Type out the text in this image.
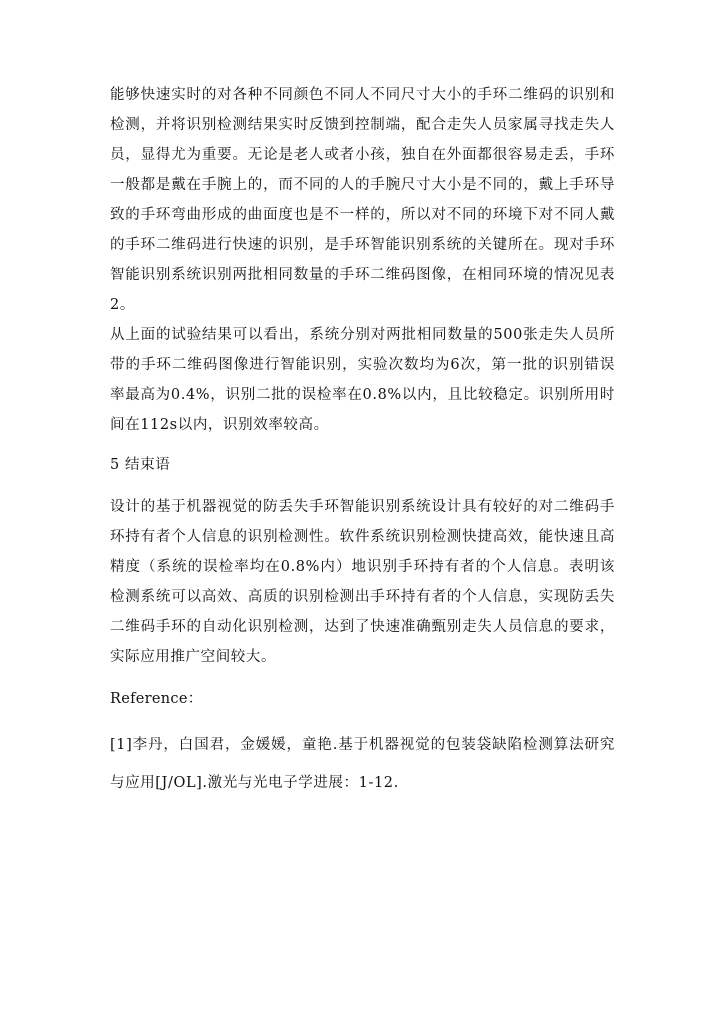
能够快速实时的对各种不同颜色不同人不同尺寸大小的手环二维码的识别和检测，并将识别检测结果实时反馈到控制端，配合走失人员家属寻找走失人员，显得尤为重要。无论是老人或者小孩，独自在外面都很容易走丢，手环一般都是戴在手腕上的，而不同的人的手腕尺寸大小是不同的，戴上手环导致的手环弯曲形成的曲面度也是不一样的，所以对不同的环境下对不同人戴的手环二维码进行快速的识别，是手环智能识别系统的关键所在。现对手环智能识别系统识别两批相同数量的手环二维码图像，在相同环境的情况见表2。

从上面的试验结果可以看出，系统分别对两批相同数量的500张走失人员所带的手环二维码图像进行智能识别，实验次数均为6次，第一批的识别错误率最高为0.4%，识别二批的误检率在0.8%以内，且比较稳定。识别所用时间在112s以内，识别效率较高。

5 结束语

设计的基于机器视觉的防丢失手环智能识别系统设计具有较好的对二维码手环持有者个人信息的识别检测性。软件系统识别检测快捷高效，能快速且高精度（系统的误检率均在0.8%内）地识别手环持有者的个人信息。表明该检测系统可以高效、高质的识别检测出手环持有者的个人信息，实现防丢失二维码手环的自动化识别检测，达到了快速准确甄别走失人员信息的要求，实际应用推广空间较大。

Reference：

[1]李丹，白国君，金媛媛，童艳.基于机器视觉的包装袋缺陷检测算法研究与应用[J/OL].激光与光电子学进展：1-12.
